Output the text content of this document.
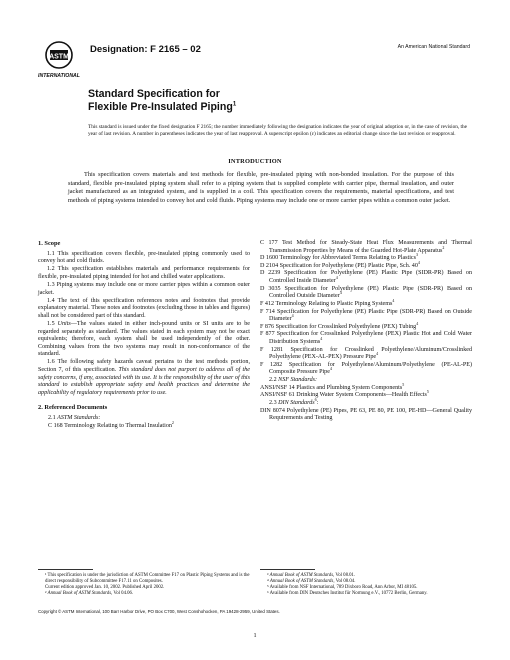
ASTM
INTERNATIONAL
Designation: F 2165 – 02	An American National Standard
Standard Specification for
Flexible Pre-Insulated Piping$^1$
This standard is issued under the fixed designation F 2165; the number immediately following the designation indicates the year of original adoption or, in the case of revision, the year of last revision. A number in parentheses indicates the year of last reapproval. A superscript epsilon (ε) indicates an editorial change since the last revision or reapproval.
INTRODUCTION
This specification covers materials and test methods for flexible, pre-insulated piping with non-bonded insulation. For the purpose of this standard, flexible pre-insulated piping system shall refer to a piping system that is supplied complete with carrier pipe, thermal insulation, and outer jacket manufactured as an integrated system, and is supplied in a coil. This specification covers the requirements, material specifications, and test methods of piping systems intended to convey hot and cold fluids. Piping systems may include one or more carrier pipes within a common outer jacket.
1. Scope
1.1 This specification covers flexible, pre-insulated piping commonly used to convey hot and cold fluids.
1.2 This specification establishes materials and performance requirements for flexible, pre-insulated piping intended for hot and chilled water applications.
1.3 Piping systems may include one or more carrier pipes within a common outer jacket.
1.4 The text of this specification references notes and footnotes that provide explanatory material. These notes and footnotes (excluding those in tables and figures) shall not be considered part of this standard.
1.5 Units—The values stated in either inch-pound units or SI units are to be regarded separately as standard. The values stated in each system may not be exact equivalents; therefore, each system shall be used independently of the other. Combining values from the two systems may result in non-conformance of the standard.
1.6 The following safety hazards caveat pertains to the test methods portion, Section 7, of this specification. This standard does not purport to address all of the safety concerns, if any, associated with its use. It is the responsibility of the user of this standard to establish appropriate safety and health practices and determine the applicability of regulatory requirements prior to use.
2. Referenced Documents
2.1 ASTM Standards:
C 168 Terminology Relating to Thermal Insulation$^2$

C 177 Test Method for Steady-State Heat Flux Measurements and Thermal Transmission Properties by Means of the Guarded Hot-Plate Apparatus$^2$

D 1600 Terminology for Abbreviated Terms Relating to Plastics$^3$

D 2104 Specification for Polyethylene (PE) Plastic Pipe, Sch. $40^4$

D 2239 Specification for Polyethylene (PE) Plastic Pipe (SIDR-PR) Based on Controlled Inside Diameter$^4$

D 3035 Specification for Polyethylene (PE) Plastic Pipe (SDR-PR) Based on Controlled Outside Diameter$^4$

F 412 Terminology Relating to Plastic Piping Systems$^4$

F 714 Specification for Polyethylene (PE) Plastic Pipe (SDR-PR) Based on Outside Diameter$^4$

F 876 Specification for Crosslinked Polyethylene (PEX) Tubing$^4$

F 877 Specification for Crosslinked Polyethylene (PEX) Plastic Hot and Cold Water Distribution Systems$^4$

F 1281 Specification for Crosslinked Polyethylene/Aluminum/Crosslinked Polyethylene (PEX-AL-PEX) Pressure Pipe$^4$

F 1282 Specification for Polyethylene/Aluminum/Polyethylene (PE-AL-PE) Composite Pressure Pipe$^4$

2.2 NSF Standards:

ANSI/NSF 14 Plastics and Plumbing System Components$^5$

ANSI/NSF 61 Drinking Water System Components—Health Effects$^5$

2.3 DIN Standards$^6$:

DIN 8074 Polyethylene (PE) Pipes, PE 63, PE 80, PE 100, PE-HD—General Quality Requirements and Testing

¹ This specification is under the jurisdiction of ASTM Committee F17 on Plastic Piping Systems and is the direct responsibility of Subcommittee F17.11 on Composites.

Current edition approved Jan. 10, 2002. Published April 2002.

² Annual Book of ASTM Standards, Vol 04.06.

³ Annual Book of ASTM Standards, Vol 08.01.

⁴ Annual Book of ASTM Standards, Vol 08.04.

⁵ Available from NSF International, 789 Dixboro Road, Ann Arbor, MI 48105.

⁶ Available from DIN Deutsches Institut für Normung e.V., 10772 Berlin, Germany.

Copyright © ASTM International, 100 Barr Harbor Drive, PO Box C700, West Conshohocken, PA 19428-2959, United States.
1
